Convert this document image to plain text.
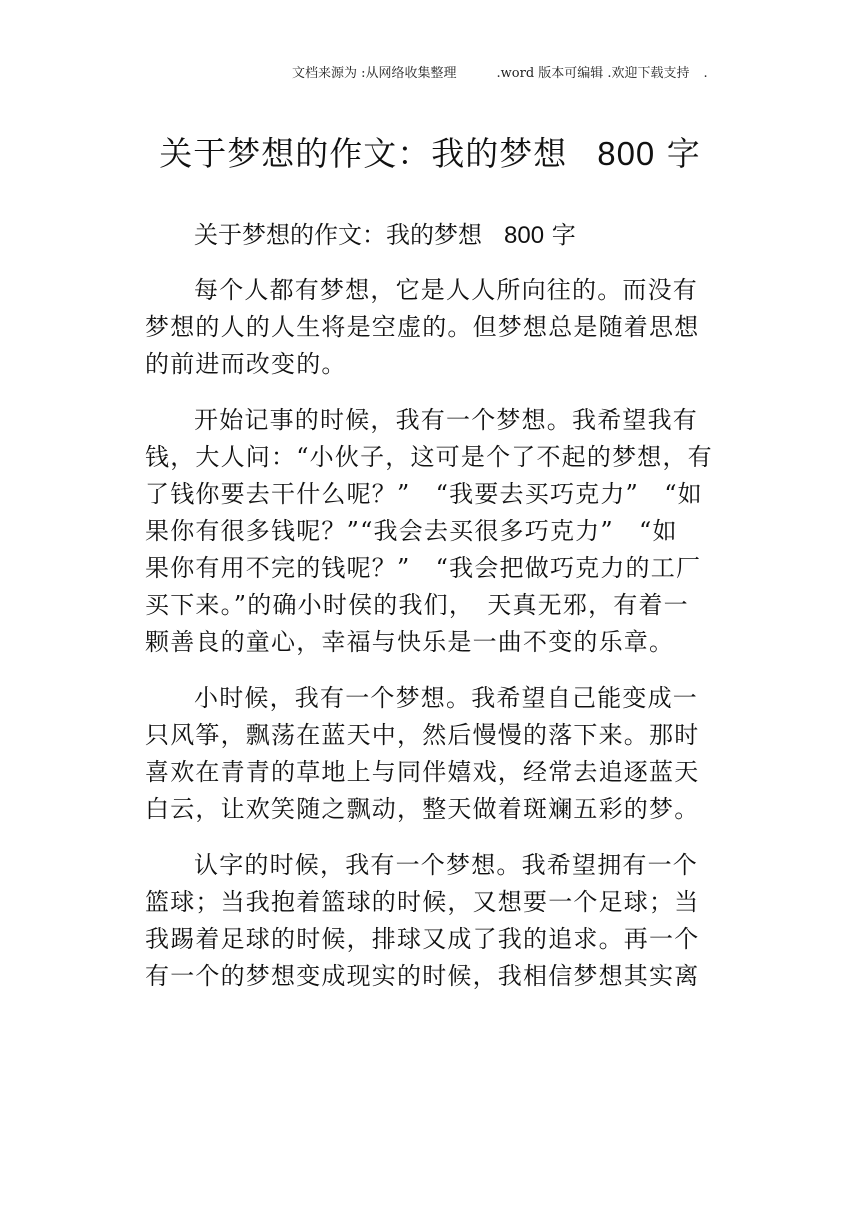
文档来源为 :从网络收集整理	.word 版本可编辑 .欢迎下载支持 .
关于梦想的作文：我的梦想 800 字
关于梦想的作文：我的梦想 800 字

每个人都有梦想，它是人人所向往的。而没有
梦想的人的人生将是空虚的。但梦想总是随着思想
的前进而改变的。

开始记事的时候，我有一个梦想。我希望我有
钱，大人问：“小伙子，这可是个了不起的梦想，有
了钱你要去干什么呢？”　“我要去买巧克力”　“如
果你有很多钱呢？”“我会去买很多巧克力”　“如
果你有用不完的钱呢？”　“我会把做巧克力的工厂
买下来。”的确小时侯的我们，　天真无邪，有着一
颗善良的童心，幸福与快乐是一曲不变的乐章。

小时候，我有一个梦想。我希望自己能变成一
只风筝，飘荡在蓝天中，然后慢慢的落下来。那时
喜欢在青青的草地上与同伴嬉戏，经常去追逐蓝天
白云，让欢笑随之飘动，整天做着斑斓五彩的梦。

认字的时候，我有一个梦想。我希望拥有一个
篮球；当我抱着篮球的时候，又想要一个足球；当
我踢着足球的时候，排球又成了我的追求。再一个
有一个的梦想变成现实的时候，我相信梦想其实离
